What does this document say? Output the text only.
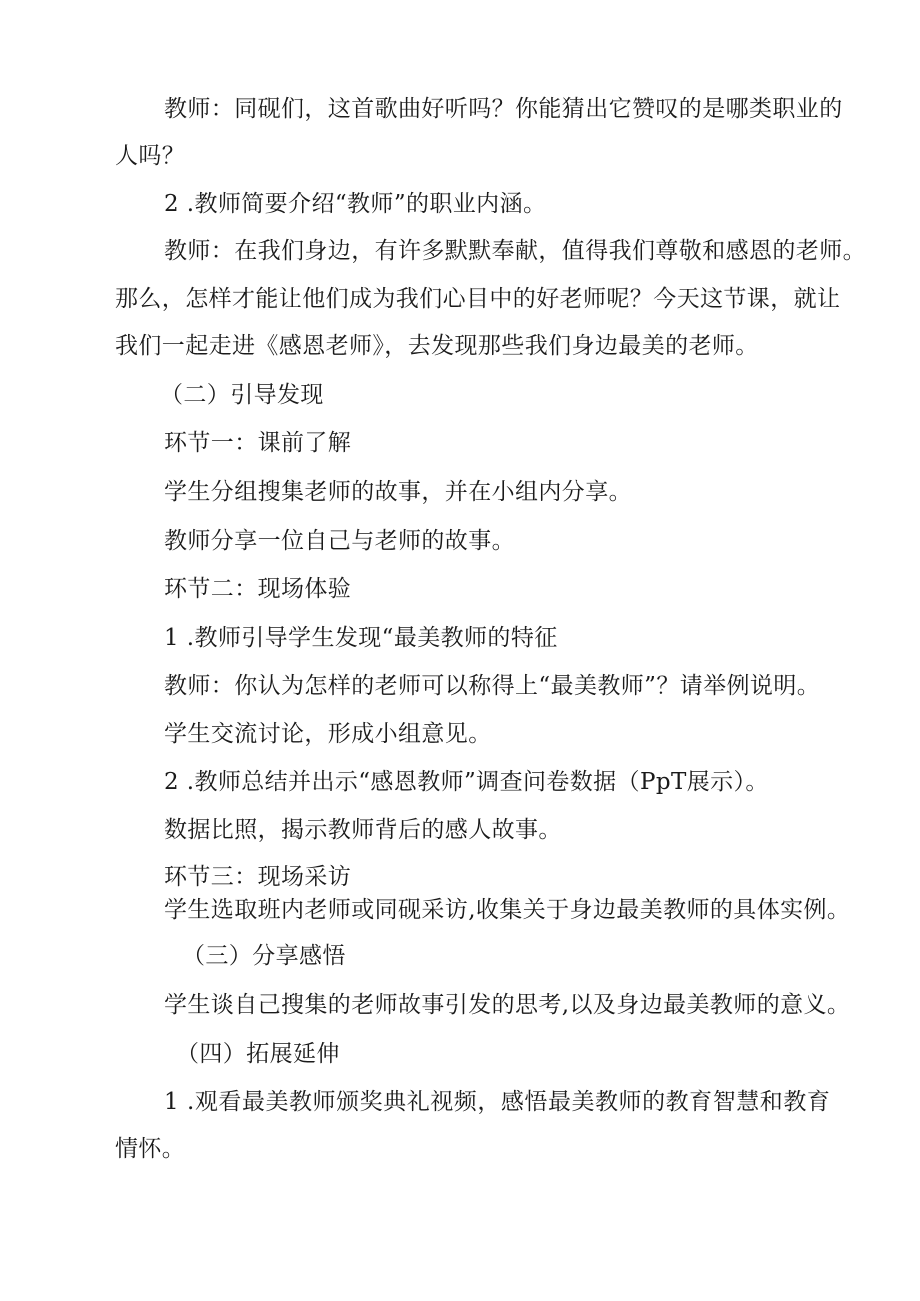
教师：同砚们，这首歌曲好听吗？你能猜出它赞叹的是哪类职业的
人吗？
2 .教师简要介绍“教师”的职业内涵。
教师：在我们身边，有许多默默奉献，值得我们尊敬和感恩的老师。
那么，怎样才能让他们成为我们心目中的好老师呢？今天这节课，就让
我们一起走进《感恩老师》，去发现那些我们身边最美的老师。
（二）引导发现
环节一：课前了解
学生分组搜集老师的故事，并在小组内分享。
教师分享一位自己与老师的故事。
环节二：现场体验
1 .教师引导学生发现“最美教师的特征
教师：你认为怎样的老师可以称得上“最美教师”？请举例说明。
学生交流讨论，形成小组意见。
2 .教师总结并出示“感恩教师”调查问卷数据（PpT展示）。
数据比照，揭示教师背后的感人故事。
环节三：现场采访
学生选取班内老师或同砚采访,收集关于身边最美教师的具体实例。
（三）分享感悟
学生谈自己搜集的老师故事引发的思考,以及身边最美教师的意义。
（四）拓展延伸
1 .观看最美教师颁奖典礼视频，感悟最美教师的教育智慧和教育
情怀。
